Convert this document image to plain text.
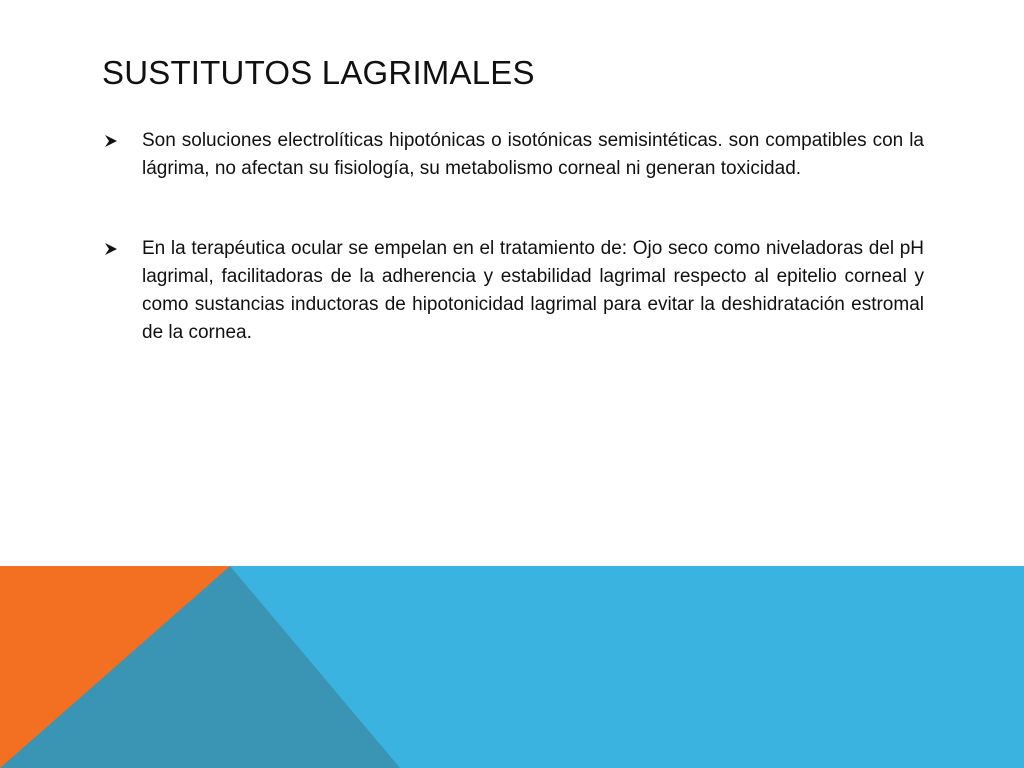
SUSTITUTOS LAGRIMALES
Son soluciones electrolíticas hipotónicas o isotónicas semisintéticas. son compatibles con la lágrima, no afectan su fisiología, su metabolismo corneal ni generan toxicidad.
En la terapéutica ocular se empelan en el tratamiento de: Ojo seco como niveladoras del pH lagrimal, facilitadoras de la adherencia y estabilidad lagrimal respecto al epitelio corneal y como sustancias inductoras de hipotonicidad lagrimal para evitar la deshidratación estromal de la cornea.
